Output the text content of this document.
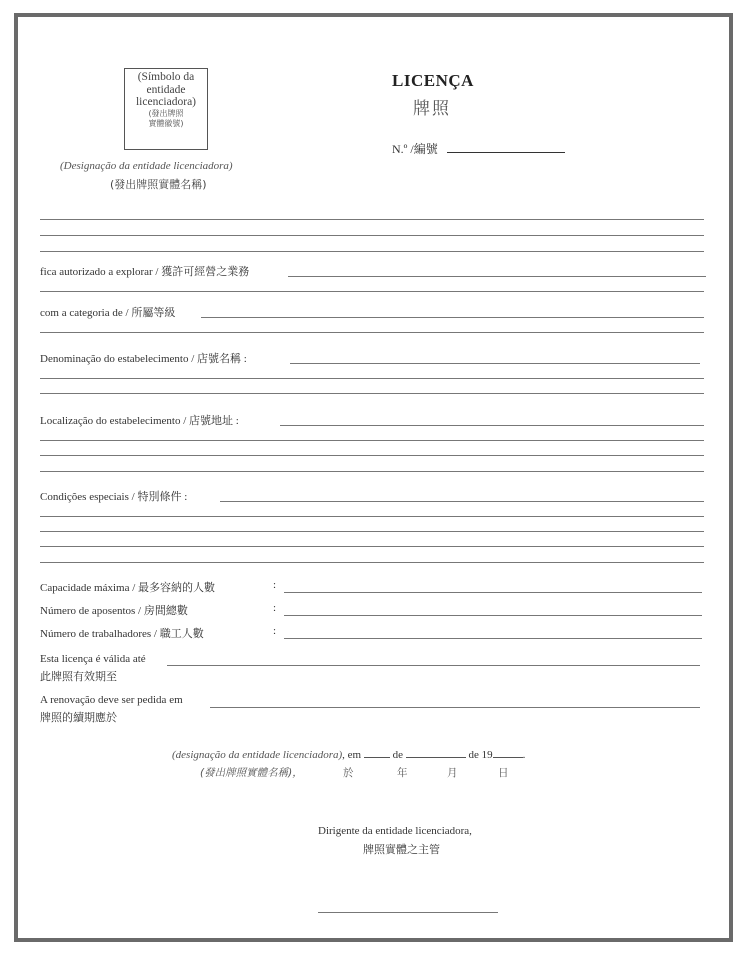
(Símbolo da
entidade
licenciadora)
(發出牌照
實體徽號)
(Designação da entidade licenciadora)
(發出牌照實體名稱)
LICENÇA
牌照
N.º /編號
fica autorizado a explorar / 獲許可經營之業務
com a categoria de / 所屬等級
Denominação do estabelecimento / 店號名稱 :
Localização do estabelecimento / 店號地址 :
Condições especiais / 特別條件 :
Capacidade máxima / 最多容納的人數	:
Número de aposentos / 房間總數	:
Número de trabalhadores / 職工人數	:
Esta licença é válida até
此牌照有效期至
A renovação deve ser pedida em
牌照的續期應於
(designação da entidade licenciadora), em	de	de 19	.
(發出牌照實體名稱)，	於	年	月	日
Dirigente da entidade licenciadora,
牌照實體之主管
